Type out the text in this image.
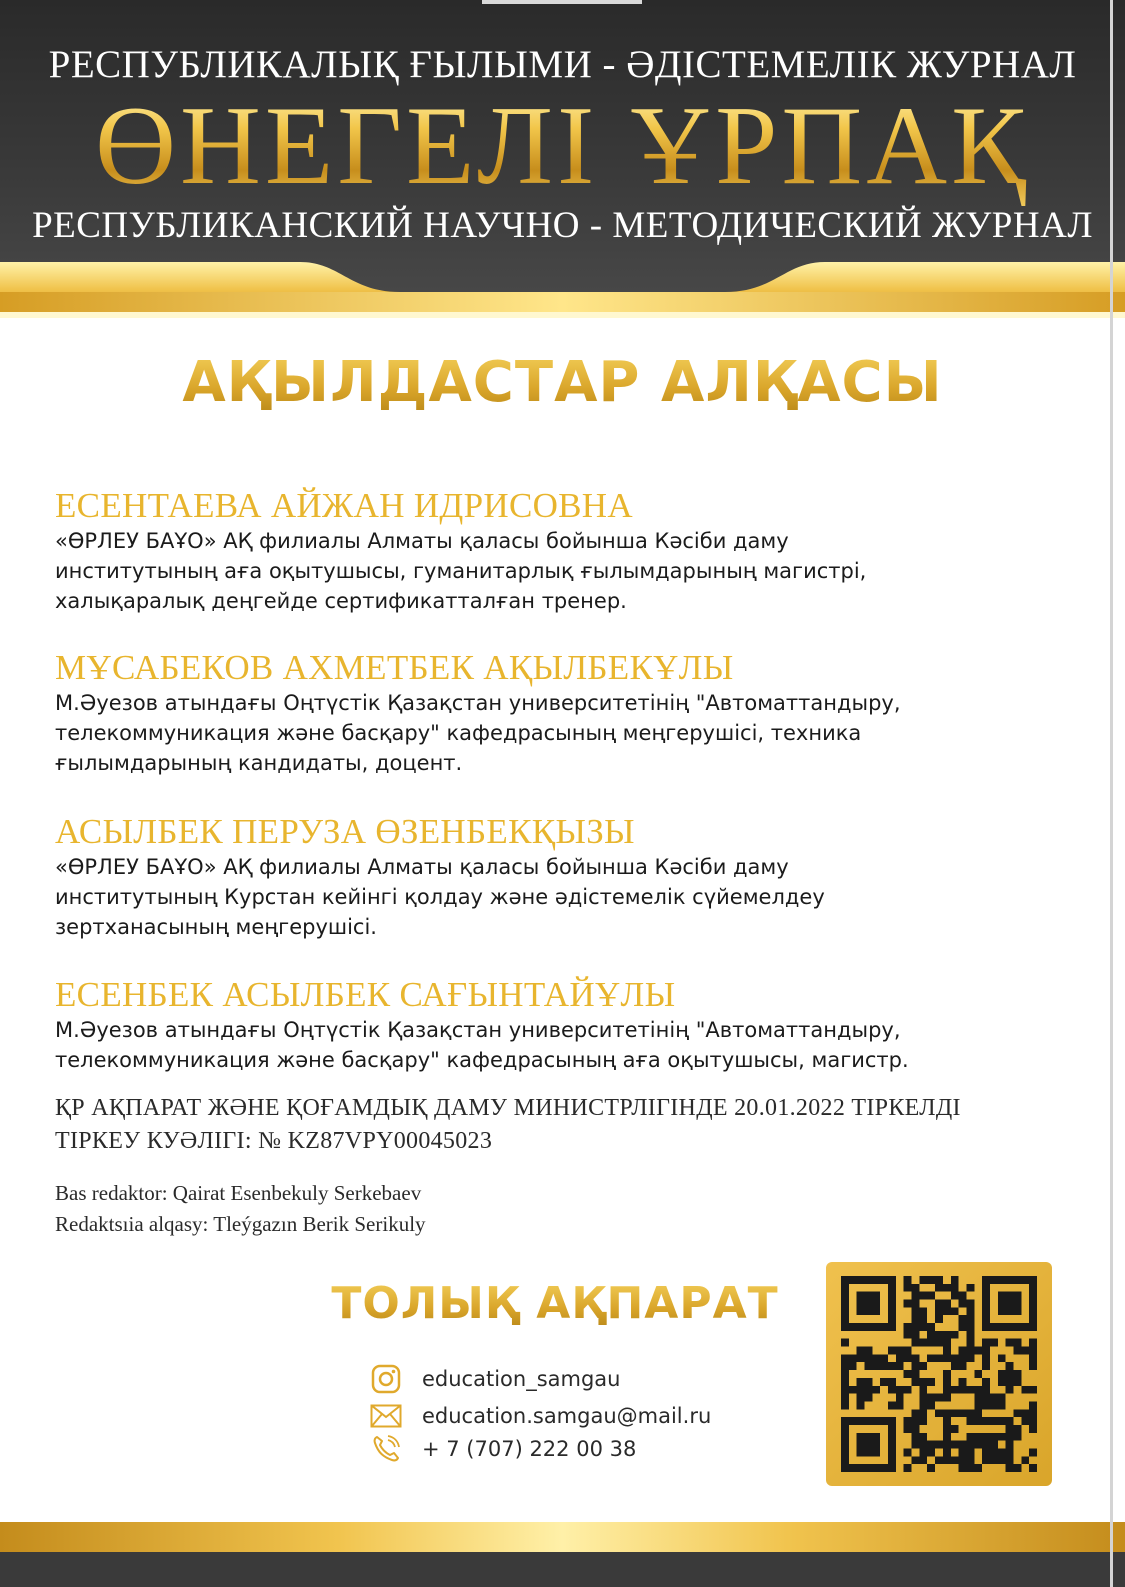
РЕСПУБЛИКАЛЫҚ ҒЫЛЫМИ - ӘДІСТЕМЕЛІК ЖУРНАЛ
ӨНЕГЕЛІ ҰРПАҚ
РЕСПУБЛИКАНСКИЙ НАУЧНО - МЕТОДИЧЕСКИЙ ЖУРНАЛ
АҚЫЛДАСТАР АЛҚАСЫ
ЕСЕНТАЕВА АЙЖАН ИДРИСОВНА
«ӨРЛЕУ БАҰО» АҚ филиалы Алматы қаласы бойынша Кәсіби даму
институтының аға оқытушысы, гуманитарлық ғылымдарының магистрі,
халықаралық деңгейде сертификатталған тренер.
МҰСАБЕКОВ АХМЕТБЕК АҚЫЛБЕКҰЛЫ
М.Әуезов атындағы Оңтүстік Қазақстан университетінің "Автоматтандыру,
телекоммуникация және басқару" кафедрасының меңгерушісі, техника
ғылымдарының кандидаты, доцент.
АСЫЛБЕК ПЕРУЗА ӨЗЕНБЕКҚЫЗЫ
«ӨРЛЕУ БАҰО» АҚ филиалы Алматы қаласы бойынша Кәсіби даму
институтының Курстан кейінгі қолдау және әдістемелік сүйемелдеу
зертханасының меңгерушісі.
ЕСЕНБЕК АСЫЛБЕК САҒЫНТАЙҰЛЫ
М.Әуезов атындағы Оңтүстік Қазақстан университетінің "Автоматтандыру,
телекоммуникация және басқару" кафедрасының аға оқытушысы, магистр.
ҚР АҚПАРАТ ЖӘНЕ ҚОҒАМДЫҚ ДАМУ МИНИСТРЛІГІНДЕ 20.01.2022 ТІРКЕЛДІ
ТІРКЕУ КУӘЛІГІ: № KZ87VPY00045023
Bas redaktor: Qairat Esenbekuly Serkebaev
Redaktsıia alqasy: Tleýgazın Berik Serikuly
ТОЛЫҚ АҚПАРАТ
education_samgau
education.samgau@mail.ru
+ 7 (707) 222 00 38
